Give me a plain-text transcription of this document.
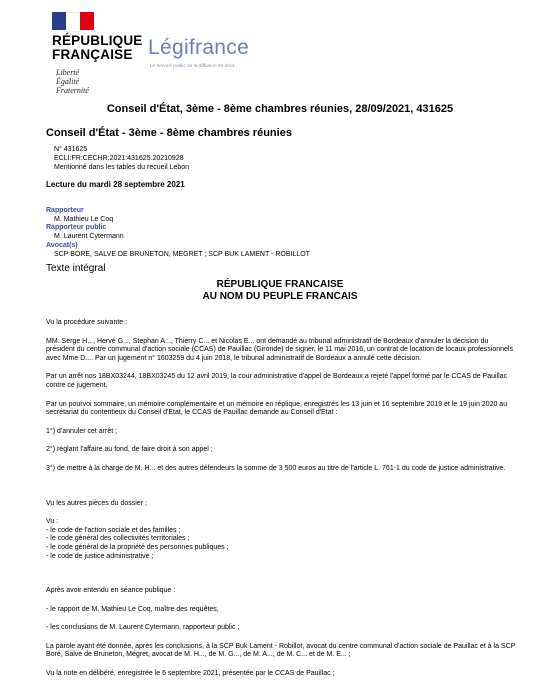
RÉPUBLIQUE
FRANÇAISE
Liberté
Égalité
Fraternité
Légifrance
Le service public de la diffusion du droit
Conseil d'État, 3ème - 8ème chambres réunies, 28/09/2021, 431625
Conseil d'État - 3ème - 8ème chambres réunies
N° 431625
ECLI:FR:CECHR:2021:431625.20210928
Mentionné dans les tables du recueil Lebon
Lecture du mardi 28 septembre 2021
Rapporteur
M. Mathieu Le Coq
Rapporteur public
M. Laurent Cytermann
Avocat(s)
SCP BORE, SALVE DE BRUNETON, MEGRET ; SCP BUK LAMENT - ROBILLOT
Texte intégral
RÉPUBLIQUE FRANCAISE
AU NOM DU PEUPLE FRANCAIS

Vu la procédure suivante :

MM. Serge H..., Hervé G..., Stephan A..., Thierry C... et Nicolas E... ont demandé au tribunal administratif de Bordeaux d'annuler la décision du président du centre communal d'action sociale (CCAS) de Pauillac (Gironde) de signer, le 11 mai 2016, un contrat de location de locaux professionnels avec Mme D.... Par un jugement n° 1603259 du 4 juin 2018, le tribunal administratif de Bordeaux a annulé cette décision.

Par un arrêt nos 18BX03244, 18BX03245 du 12 avril 2019, la cour administrative d'appel de Bordeaux a rejeté l'appel formé par le CCAS de Pauillac contre ce jugement.

Par un pourvoi sommaire, un mémoire complémentaire et un mémoire en réplique, enregistrés les 13 juin et 16 septembre 2019 et le 19 juin 2020 au secrétariat du contentieux du Conseil d'Etat, le CCAS de Pauillac demande au Conseil d'Etat :

1°) d'annuler cet arrêt ;

2°) réglant l'affaire au fond, de faire droit à son appel ;

3°) de mettre à la charge de M. H... et des autres défendeurs la somme de 3 500 euros au titre de l'article L. 761-1 du code de justice administrative.

Vu les autres pièces du dossier ;

Vu :
- le code de l'action sociale et des familles ;
- le code général des collectivités territoriales ;
- le code général de la propriété des personnes publiques ;
- le code de justice administrative ;

Après avoir entendu en séance publique :

- le rapport de M. Mathieu Le Coq, maître des requêtes,

- les conclusions de M. Laurent Cytermann, rapporteur public ;

La parole ayant été donnée, après les conclusions, à la SCP Buk Lament - Robillot, avocat du centre communal d'action sociale de Pauillac et à la SCP Boré, Salve de Bruneton, Mégret, avocat de M. H..., de M. G..., de M. A..., de M. C... et de M. E... ;

Vu la note en délibéré, enregistrée le 6 septembre 2021, présentée par le CCAS de Pauillac ;
